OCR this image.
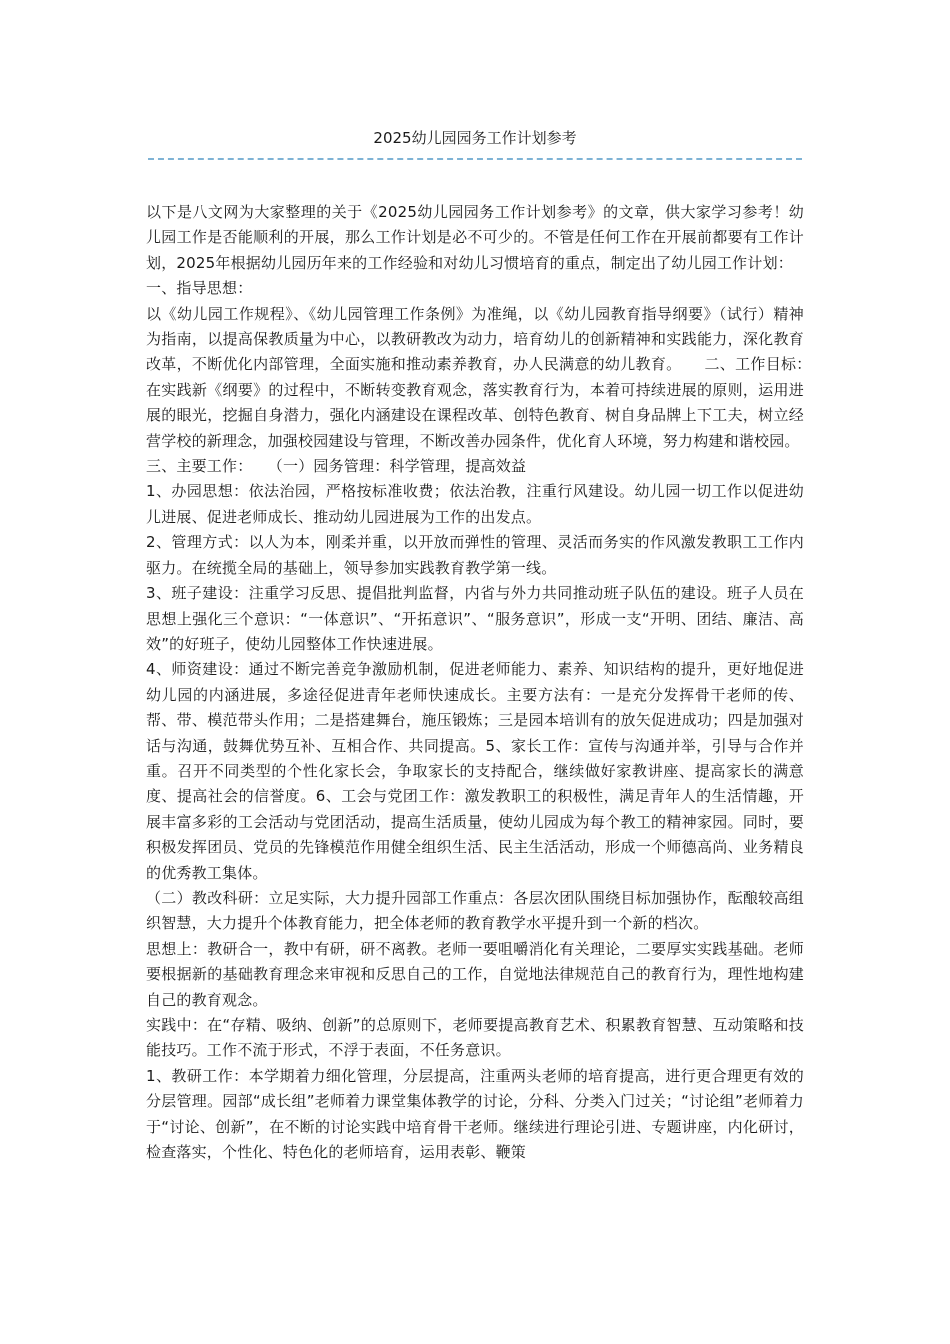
2025幼儿园园务工作计划参考

以下是八文网为大家整理的关于《2025幼儿园园务工作计划参考》的文章，供大家学习参考！幼儿园工作是否能顺利的开展，那么工作计划是必不可少的。不管是任何工作在开展前都要有工作计划，2025年根据幼儿园历年来的工作经验和对幼儿习惯培育的重点，制定出了幼儿园工作计划：

一、指导思想：

以《幼儿园工作规程》、《幼儿园管理工作条例》为准绳，以《幼儿园教育指导纲要》（试行）精神为指南，以提高保教质量为中心，以教研教改为动力，培育幼儿的创新精神和实践能力，深化教育改革，不断优化内部管理，全面实施和推动素养教育，办人民满意的幼儿教育。　　二、工作目标：　　在实践新《纲要》的过程中，不断转变教育观念，落实教育行为，本着可持续进展的原则，运用进展的眼光，挖掘自身潜力，强化内涵建设在课程改革、创特色教育、树自身品牌上下工夫，树立经营学校的新理念，加强校园建设与管理，不断改善办园条件，优化育人环境，努力构建和谐校园。

三、主要工作：　　（一）园务管理：科学管理，提高效益

1、办园思想：依法治园，严格按标准收费；依法治教，注重行风建设。幼儿园一切工作以促进幼儿进展、促进老师成长、推动幼儿园进展为工作的出发点。

2、管理方式：以人为本，刚柔并重，以开放而弹性的管理、灵活而务实的作风激发教职工工作内驱力。在统揽全局的基础上，领导参加实践教育教学第一线。

3、班子建设：注重学习反思、提倡批判监督，内省与外力共同推动班子队伍的建设。班子人员在思想上强化三个意识：“一体意识”、“开拓意识”、“服务意识”，形成一支“开明、团结、廉洁、高效”的好班子，使幼儿园整体工作快速进展。

4、师资建设：通过不断完善竞争激励机制，促进老师能力、素养、知识结构的提升，更好地促进幼儿园的内涵进展，多途径促进青年老师快速成长。主要方法有：一是充分发挥骨干老师的传、帮、带、模范带头作用；二是搭建舞台，施压锻炼；三是园本培训有的放矢促进成功；四是加强对话与沟通，鼓舞优势互补、互相合作、共同提高。5、家长工作：宣传与沟通并举，引导与合作并重。召开不同类型的个性化家长会，争取家长的支持配合，继续做好家教讲座、提高家长的满意度、提高社会的信誉度。6、工会与党团工作：激发教职工的积极性，满足青年人的生活情趣，开展丰富多彩的工会活动与党团活动，提高生活质量，使幼儿园成为每个教工的精神家园。同时，要积极发挥团员、党员的先锋模范作用健全组织生活、民主生活活动，形成一个师德高尚、业务精良的优秀教工集体。

（二）教改科研：立足实际，大力提升园部工作重点：各层次团队围绕目标加强协作，酝酿较高组织智慧，大力提升个体教育能力，把全体老师的教育教学水平提升到一个新的档次。

思想上：教研合一，教中有研，研不离教。老师一要咀嚼消化有关理论，二要厚实实践基础。老师要根据新的基础教育理念来审视和反思自己的工作，自觉地法律规范自己的教育行为，理性地构建自己的教育观念。

实践中：在“存精、吸纳、创新”的总原则下，老师要提高教育艺术、积累教育智慧、互动策略和技能技巧。工作不流于形式，不浮于表面，不任务意识。

1、教研工作：本学期着力细化管理，分层提高，注重两头老师的培育提高，进行更合理更有效的分层管理。园部“成长组”老师着力课堂集体教学的讨论，分科、分类入门过关；“讨论组”老师着力于“讨论、创新”，在不断的讨论实践中培育骨干老师。继续进行理论引进、专题讲座，内化研讨，检查落实，个性化、特色化的老师培育，运用表彰、鞭策
